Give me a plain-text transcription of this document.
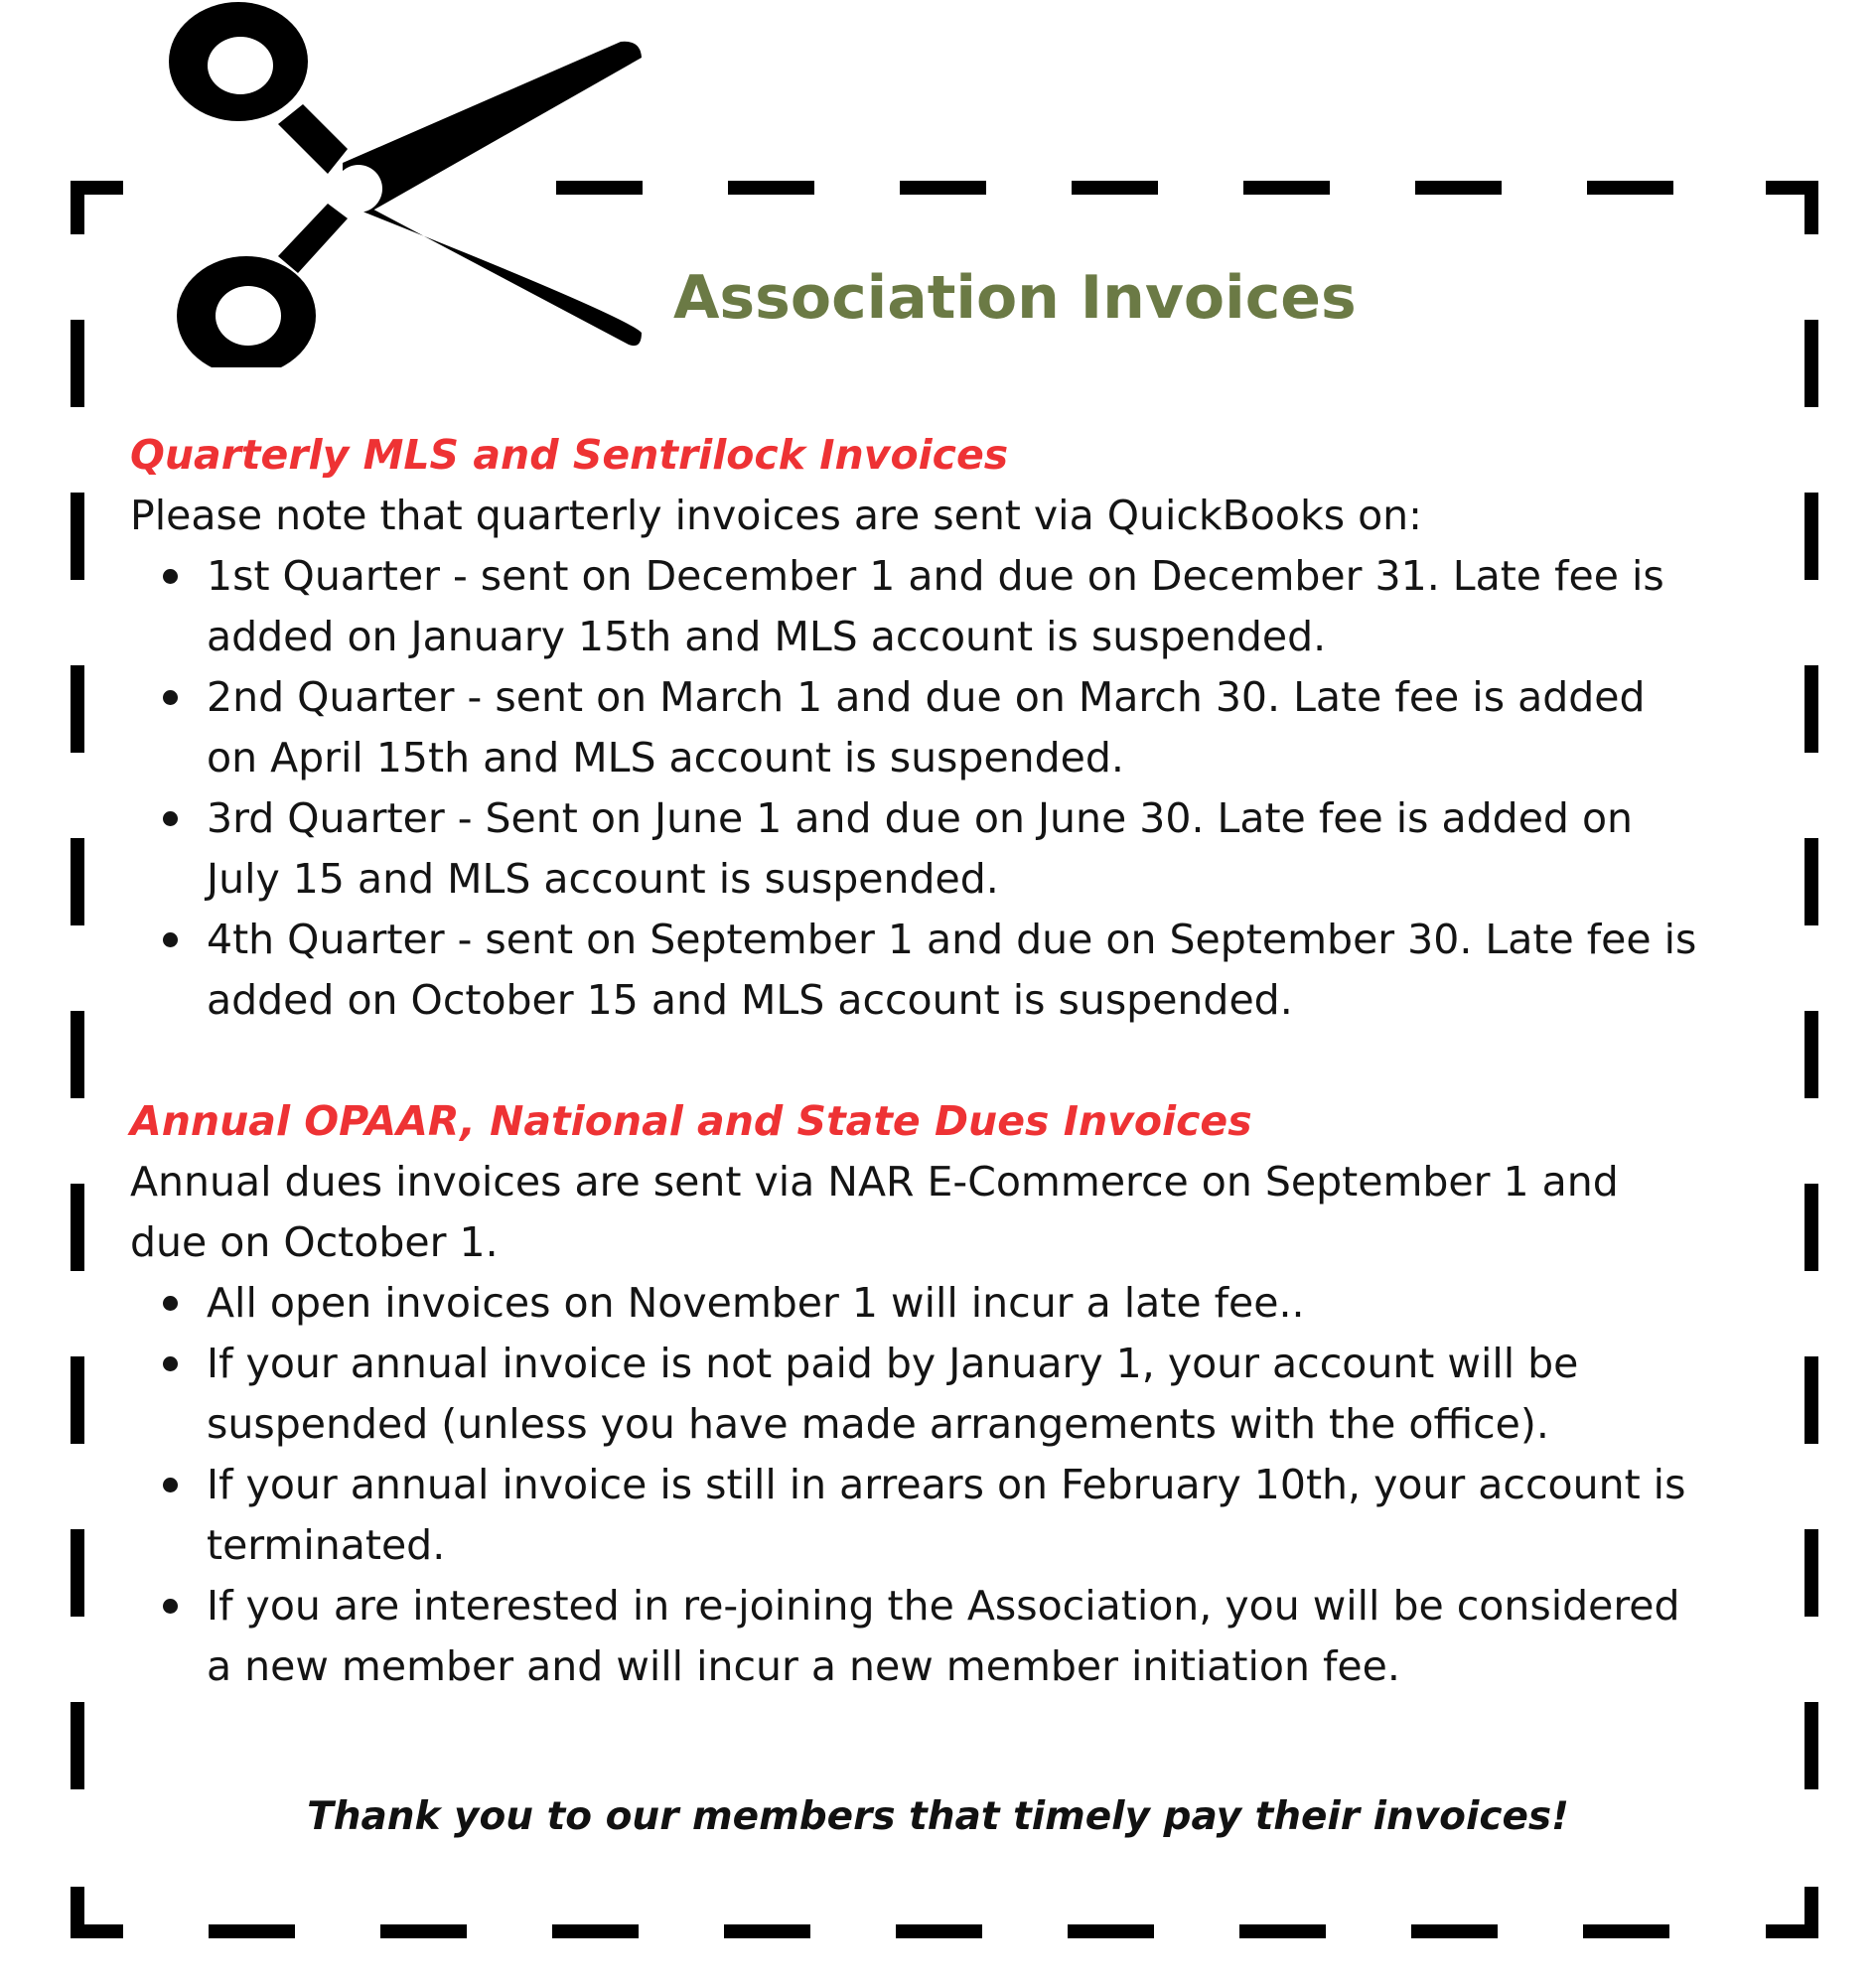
Association Invoices
Quarterly MLS and Sentrilock Invoices

Please note that quarterly invoices are sent via QuickBooks on:

1st Quarter - sent on December 1 and due on December 31. Late fee is
added on January 15th and MLS account is suspended.
2nd Quarter - sent on March 1 and due on March 30. Late fee is added
on April 15th and MLS account is suspended.
3rd Quarter - Sent on June 1 and due on June 30. Late fee is added on
July 15 and MLS account is suspended.
4th Quarter - sent on September 1 and due on September 30. Late fee is
added on October 15 and MLS account is suspended.
Annual OPAAR, National and State Dues Invoices

Annual dues invoices are sent via NAR E-Commerce on September 1 and
due on October 1.

All open invoices on November 1 will incur a late fee..
If your annual invoice is not paid by January 1, your account will be
suspended (unless you have made arrangements with the office).
If your annual invoice is still in arrears on February 10th, your account is
terminated.
If you are interested in re-joining the Association, you will be considered
a new member and will incur a new member initiation fee.

Thank you to our members that timely pay their invoices!
